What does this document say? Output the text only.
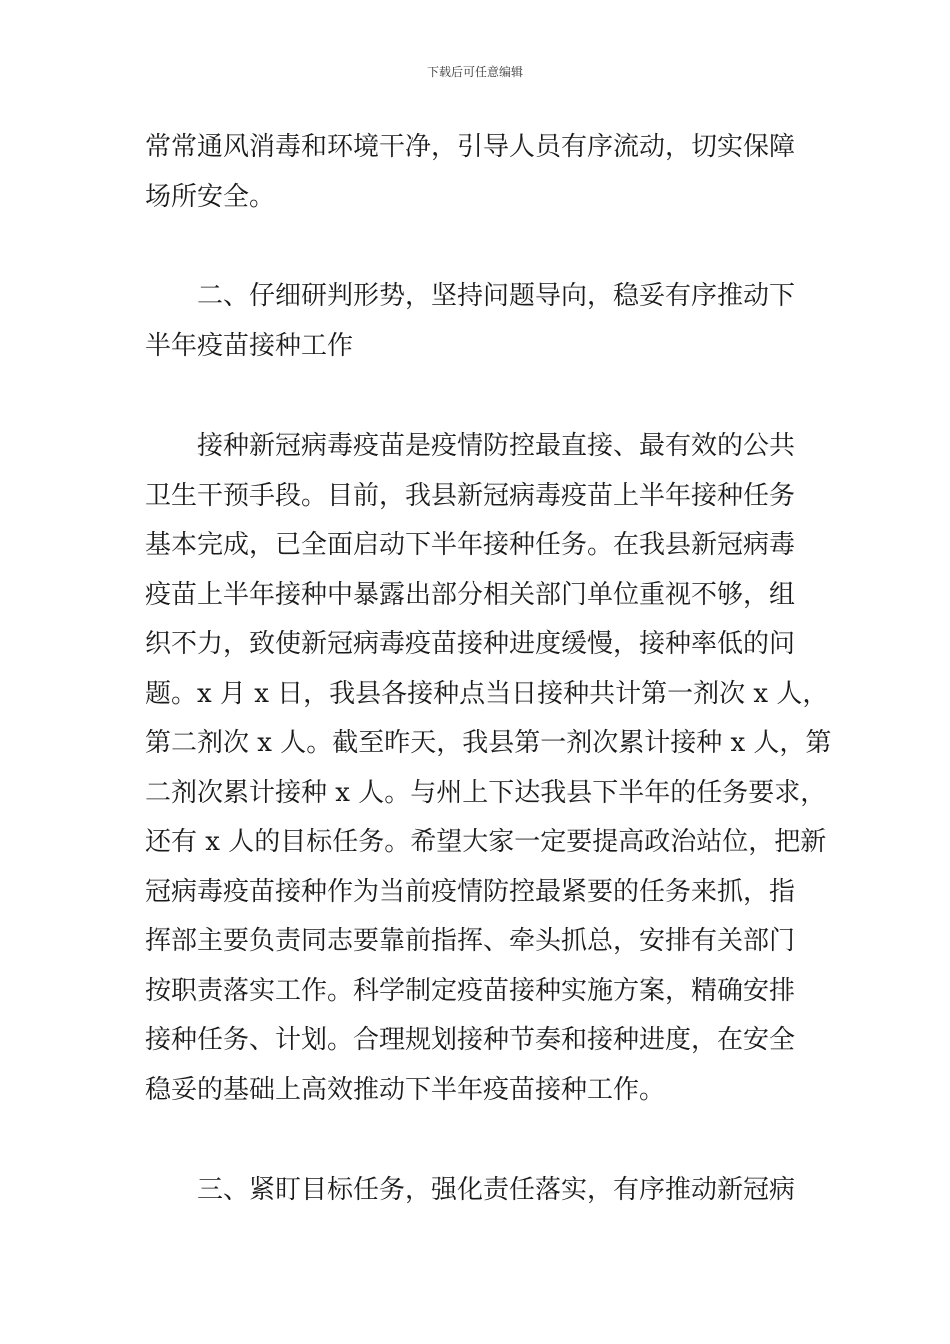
下载后可任意编辑
常常通风消毒和环境干净，引导人员有序流动，切实保障
场所安全。
二、仔细研判形势，坚持问题导向，稳妥有序推动下
半年疫苗接种工作
接种新冠病毒疫苗是疫情防控最直接、最有效的公共
卫生干预手段。目前，我县新冠病毒疫苗上半年接种任务
基本完成，已全面启动下半年接种任务。在我县新冠病毒
疫苗上半年接种中暴露出部分相关部门单位重视不够，组
织不力，致使新冠病毒疫苗接种进度缓慢，接种率低的问
题。x 月 x 日，我县各接种点当日接种共计第一剂次 x 人，
第二剂次 x 人。截至昨天，我县第一剂次累计接种 x 人，第
二剂次累计接种 x 人。与州上下达我县下半年的任务要求，
还有 x 人的目标任务。希望大家一定要提高政治站位，把新
冠病毒疫苗接种作为当前疫情防控最紧要的任务来抓，指
挥部主要负责同志要靠前指挥、牵头抓总，安排有关部门
按职责落实工作。科学制定疫苗接种实施方案，精确安排
接种任务、计划。合理规划接种节奏和接种进度，在安全
稳妥的基础上高效推动下半年疫苗接种工作。
三、紧盯目标任务，强化责任落实，有序推动新冠病
